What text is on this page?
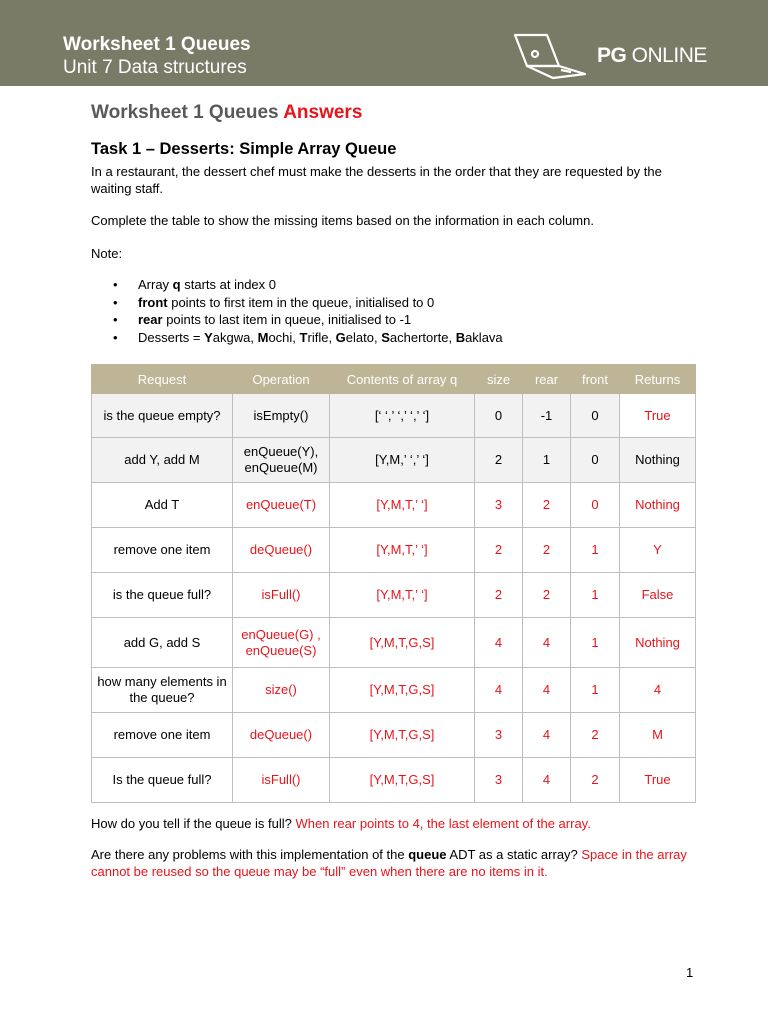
Worksheet 1 Queues
Unit 7 Data structures
PG ONLINE
Worksheet 1 Queues Answers
Task 1 – Desserts: Simple Array Queue
In a restaurant, the dessert chef must make the desserts in the order that they are requested by the waiting staff.
Complete the table to show the missing items based on the information in each column.
Note:
• Array q starts at index 0
• front points to first item in the queue, initialised to 0
• rear points to last item in queue, initialised to -1
• Desserts = Yakgwa, Mochi, Trifle, Gelato, Sachertorte, Baklava
Request	Operation	Contents of array q	size	rear	front	Returns
is the queue empty?	isEmpty()	[‘ ‘,’ ‘,’ ‘,’ ‘]	0	-1	0	True
add Y, add M	enQueue(Y), enQueue(M)	[Y,M,’ ‘,’ ‘]	2	1	0	Nothing
Add T	enQueue(T)	[Y,M,T,’ ‘]	3	2	0	Nothing
remove one item	deQueue()	[Y,M,T,’ ‘]	2	2	1	Y
is the queue full?	isFull()	[Y,M,T,’ ‘]	2	2	1	False
add G, add S	enQueue(G) , enQueue(S)	[Y,M,T,G,S]	4	4	1	Nothing
how many elements in the queue?	size()	[Y,M,T,G,S]	4	4	1	4
remove one item	deQueue()	[Y,M,T,G,S]	3	4	2	M
Is the queue full?	isFull()	[Y,M,T,G,S]	3	4	2	True
How do you tell if the queue is full? When rear points to 4, the last element of the array.
Are there any problems with this implementation of the queue ADT as a static array? Space in the array cannot be reused so the queue may be “full” even when there are no items in it.
1
